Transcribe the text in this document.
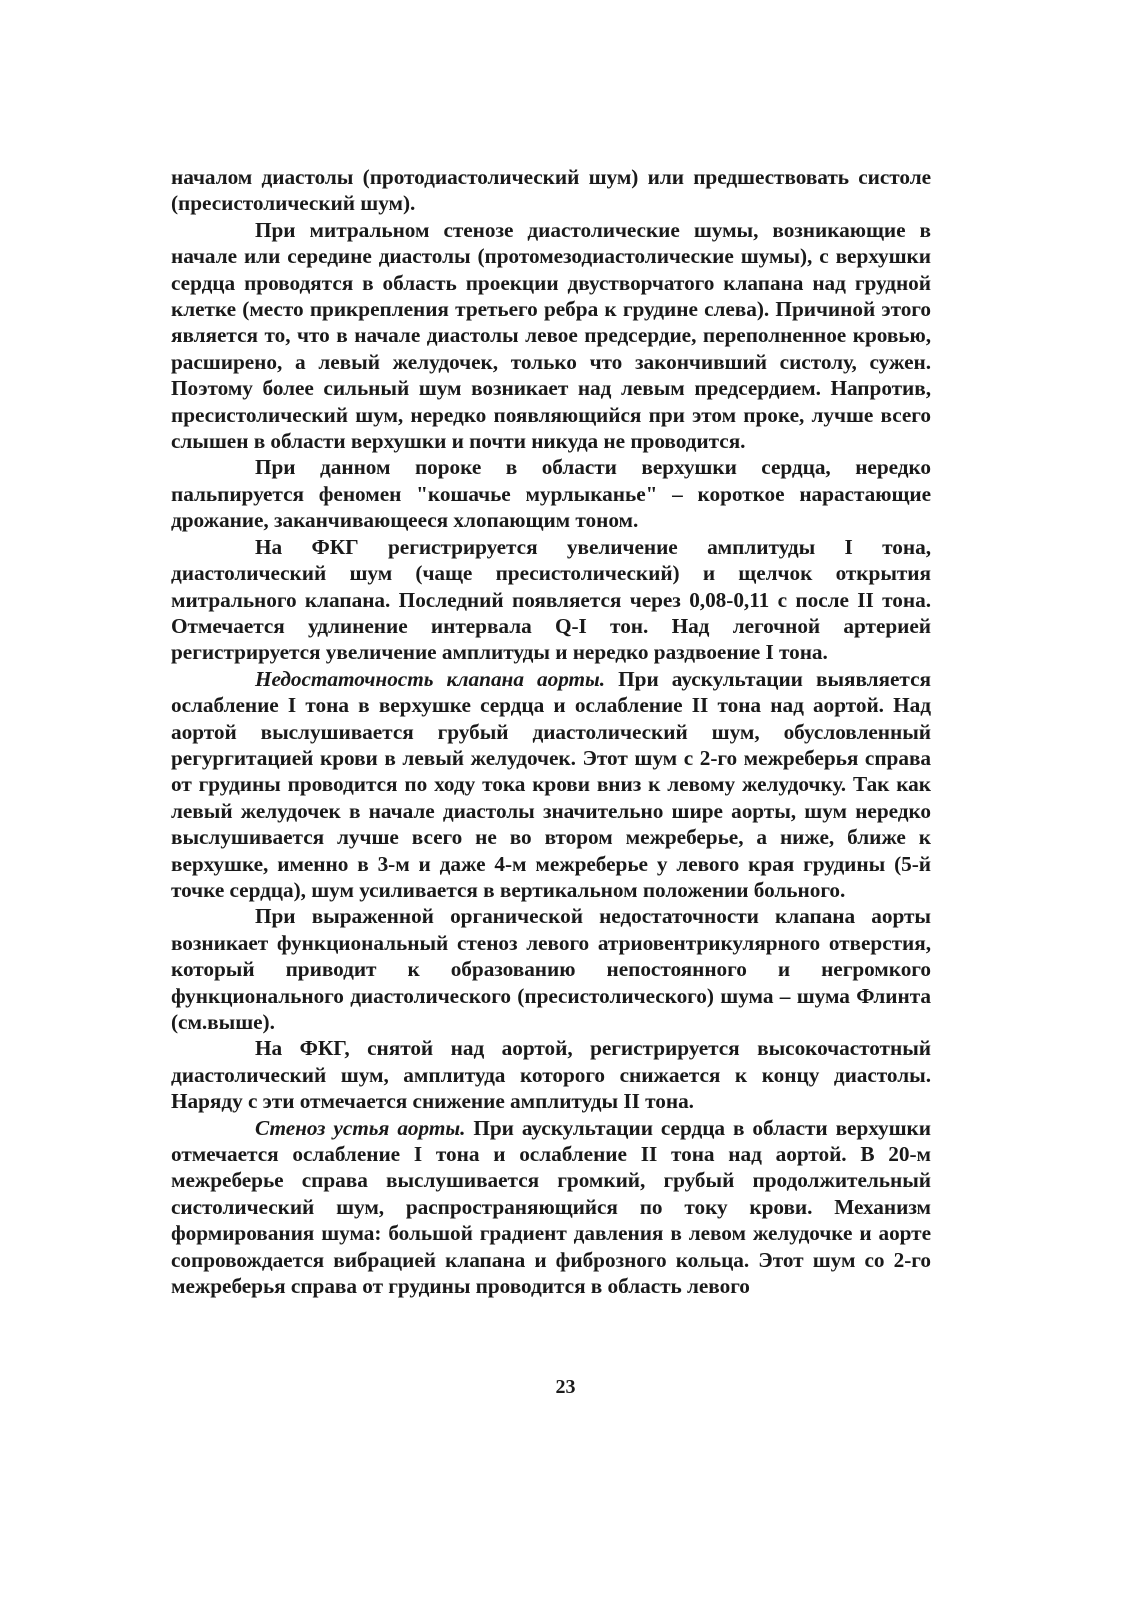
началом диастолы (протодиастолический шум) или предшествовать систоле (пресистолический шум).

При митральном стенозе диастолические шумы, возникающие в начале или середине диастолы (протомезодиастолические шумы), с верхушки сердца проводятся в область проекции двустворчатого клапана над грудной клетке (место прикрепления третьего ребра к грудине слева). Причиной этого является то, что в начале диастолы левое предсердие, переполненное кровью, расширено, а левый желудочек, только что закончивший систолу, сужен. Поэтому более сильный шум возникает над левым предсердием. Напротив, пресистолический шум, нередко появляющийся при этом проке, лучше всего слышен в области верхушки и почти никуда не проводится.

При данном пороке в области верхушки сердца, нередко пальпируется феномен "кошачье мурлыканье" – короткое нарастающие дрожание, заканчивающееся хлопающим тоном.

На ФКГ регистрируется увеличение амплитуды I тона, диастолический шум (чаще пресистолический) и щелчок открытия митрального клапана. Последний появляется через 0,08-0,11 с после II тона. Отмечается удлинение интервала Q-I тон. Над легочной артерией регистрируется увеличение амплитуды и нередко раздвоение I тона.

Недостаточность клапана аорты. При аускультации выявляется ослабление I тона в верхушке сердца и ослабление II тона над аортой. Над аортой выслушивается грубый диастолический шум, обусловленный регургитацией крови в левый желудочек. Этот шум с 2-го межреберья справа от грудины проводится по ходу тока крови вниз к левому желудочку. Так как левый желудочек в начале диастолы значительно шире аорты, шум нередко выслушивается лучше всего не во втором межреберье, а ниже, ближе к верхушке, именно в 3-м и даже 4-м межреберье у левого края грудины (5-й точке сердца), шум усиливается в вертикальном положении больного.

При выраженной органической недостаточности клапана аорты возникает функциональный стеноз левого атриовентрикулярного отверстия, который приводит к образованию непостоянного и негромкого функционального диастолического (пресистолического) шума – шума Флинта (см.выше).

На ФКГ, снятой над аортой, регистрируется высокочастотный диастолический шум, амплитуда которого снижается к концу диастолы. Наряду с эти отмечается снижение амплитуды II тона.

Стеноз устья аорты. При аускультации сердца в области верхушки отмечается ослабление I тона и ослабление II тона над аортой. В 20-м межреберье справа выслушивается громкий, грубый продолжительный систолический шум, распространяющийся по току крови. Механизм формирования шума: большой градиент давления в левом желудочке и аорте сопровождается вибрацией клапана и фиброзного кольца. Этот шум со 2-го межреберья справа от грудины проводится в область левого

23
